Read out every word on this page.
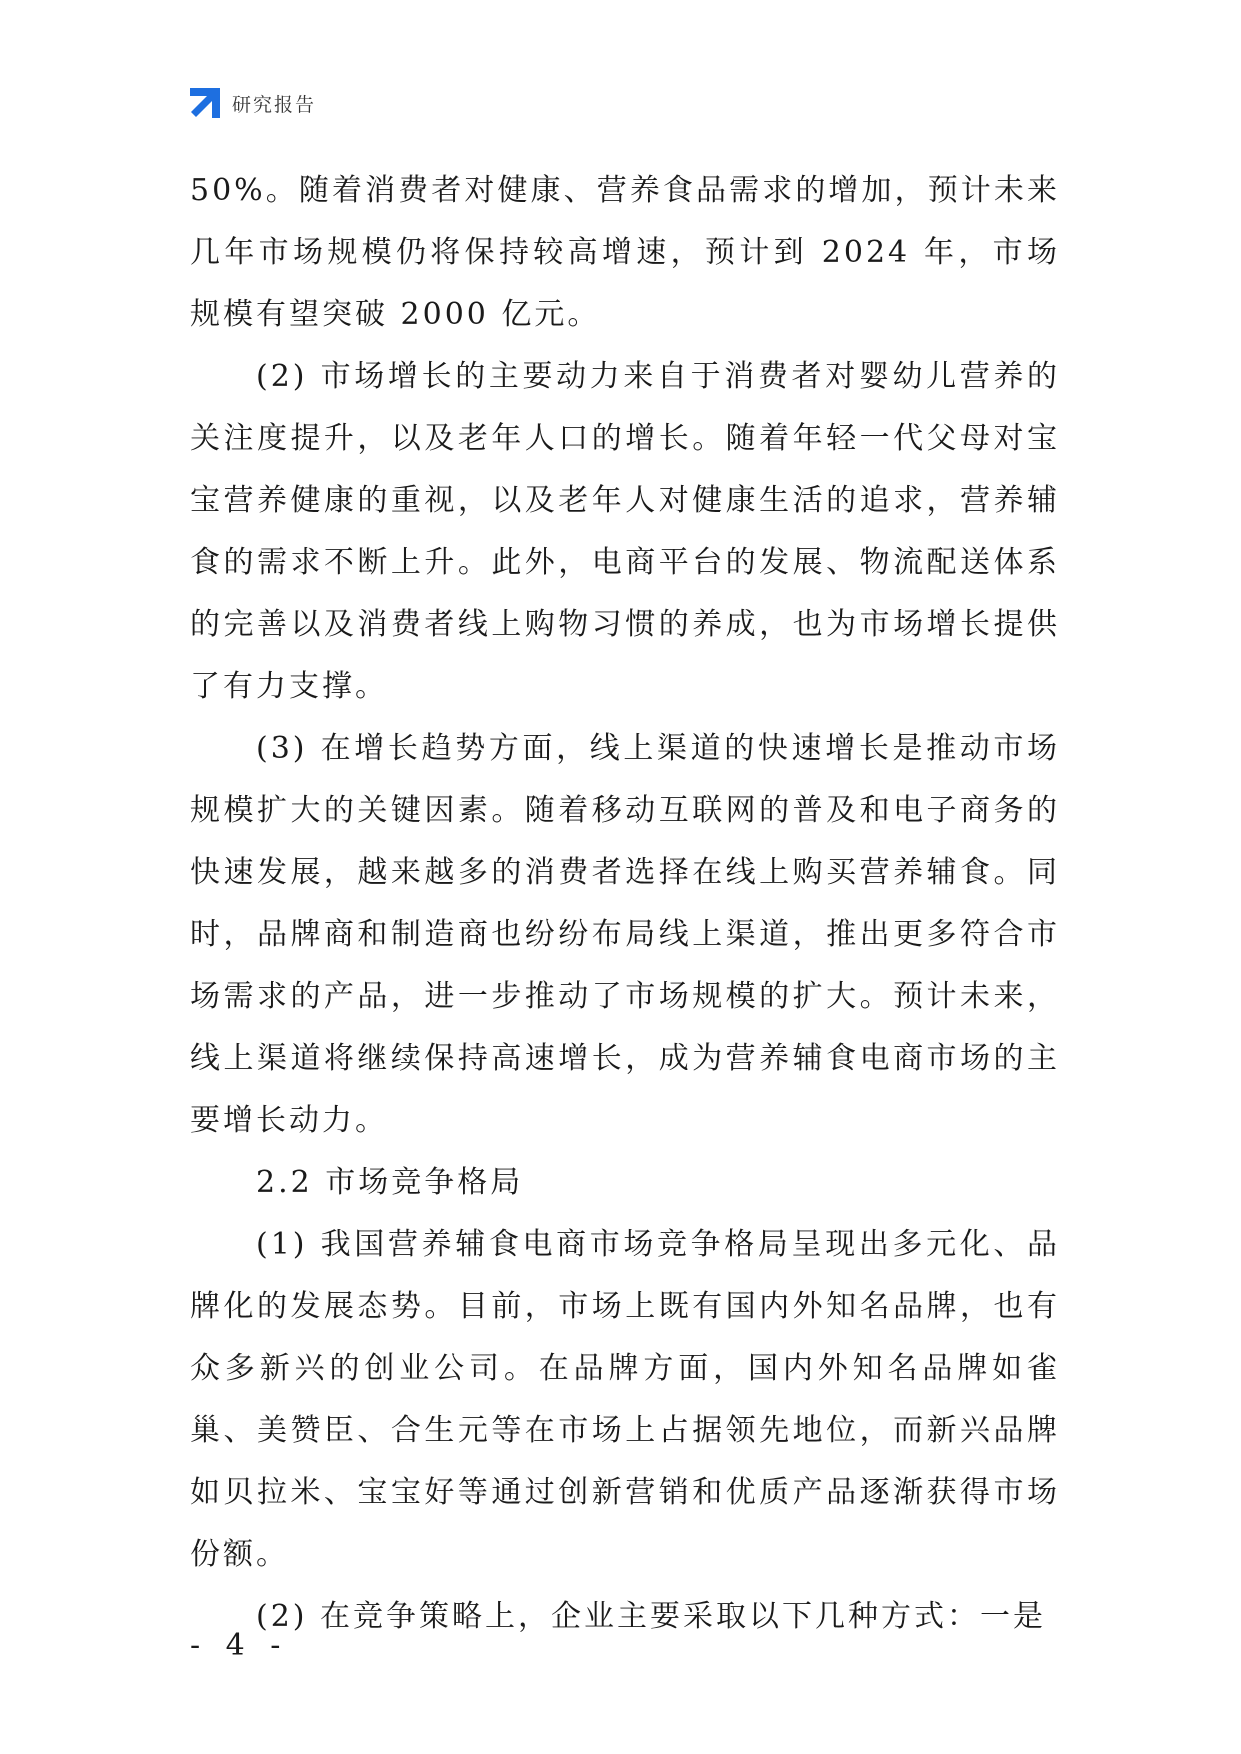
研究报告

50%。随着消费者对健康、营养食品需求的增加，预计未来几年市场规模仍将保持较高增速，预计到 2024 年，市场规模有望突破 2000 亿元。

(2) 市场增长的主要动力来自于消费者对婴幼儿营养的关注度提升，以及老年人口的增长。随着年轻一代父母对宝宝营养健康的重视，以及老年人对健康生活的追求，营养辅食的需求不断上升。此外，电商平台的发展、物流配送体系的完善以及消费者线上购物习惯的养成，也为市场增长提供了有力支撑。

(3) 在增长趋势方面，线上渠道的快速增长是推动市场规模扩大的关键因素。随着移动互联网的普及和电子商务的快速发展，越来越多的消费者选择在线上购买营养辅食。同时，品牌商和制造商也纷纷布局线上渠道，推出更多符合市场需求的产品，进一步推动了市场规模的扩大。预计未来，线上渠道将继续保持高速增长，成为营养辅食电商市场的主要增长动力。

2.2 市场竞争格局

(1) 我国营养辅食电商市场竞争格局呈现出多元化、品牌化的发展态势。目前，市场上既有国内外知名品牌，也有众多新兴的创业公司。在品牌方面，国内外知名品牌如雀巢、美赞臣、合生元等在市场上占据领先地位，而新兴品牌如贝拉米、宝宝好等通过创新营销和优质产品逐渐获得市场份额。

(2) 在竞争策略上，企业主要采取以下几种方式：一是

- 4 -
